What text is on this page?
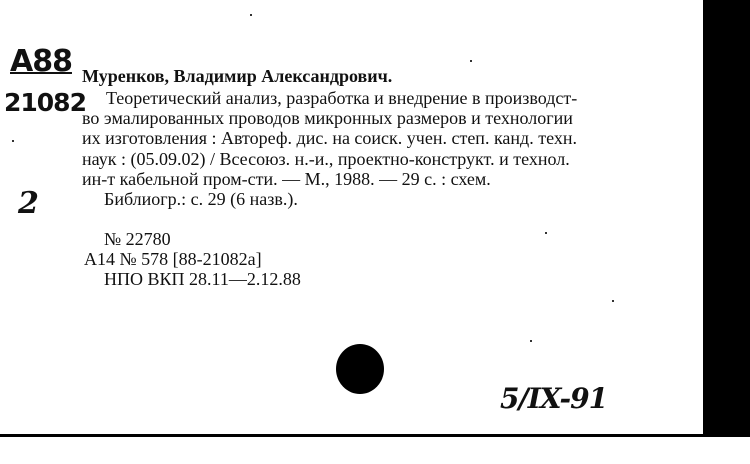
A88
21082
2
Муренков, Владимир Александрович.
Теоретический анализ, разработка и внедрение в производст-
во эмалированных проводов микронных размеров и технологии
их изготовления : Автореф. дис. на соиск. учен. степ. канд. техн.
наук : (05.09.02) / Всесоюз. н.-и., проектно-конструкт. и технол.
ин-т кабельной пром-сти. — М., 1988. — 29 с. : схем.
Библиогр.: с. 29 (6 назв.).
№ 22780
A14 № 578 [88-21082a]
НПО ВКП 28.11—2.12.88
5/IX-91
